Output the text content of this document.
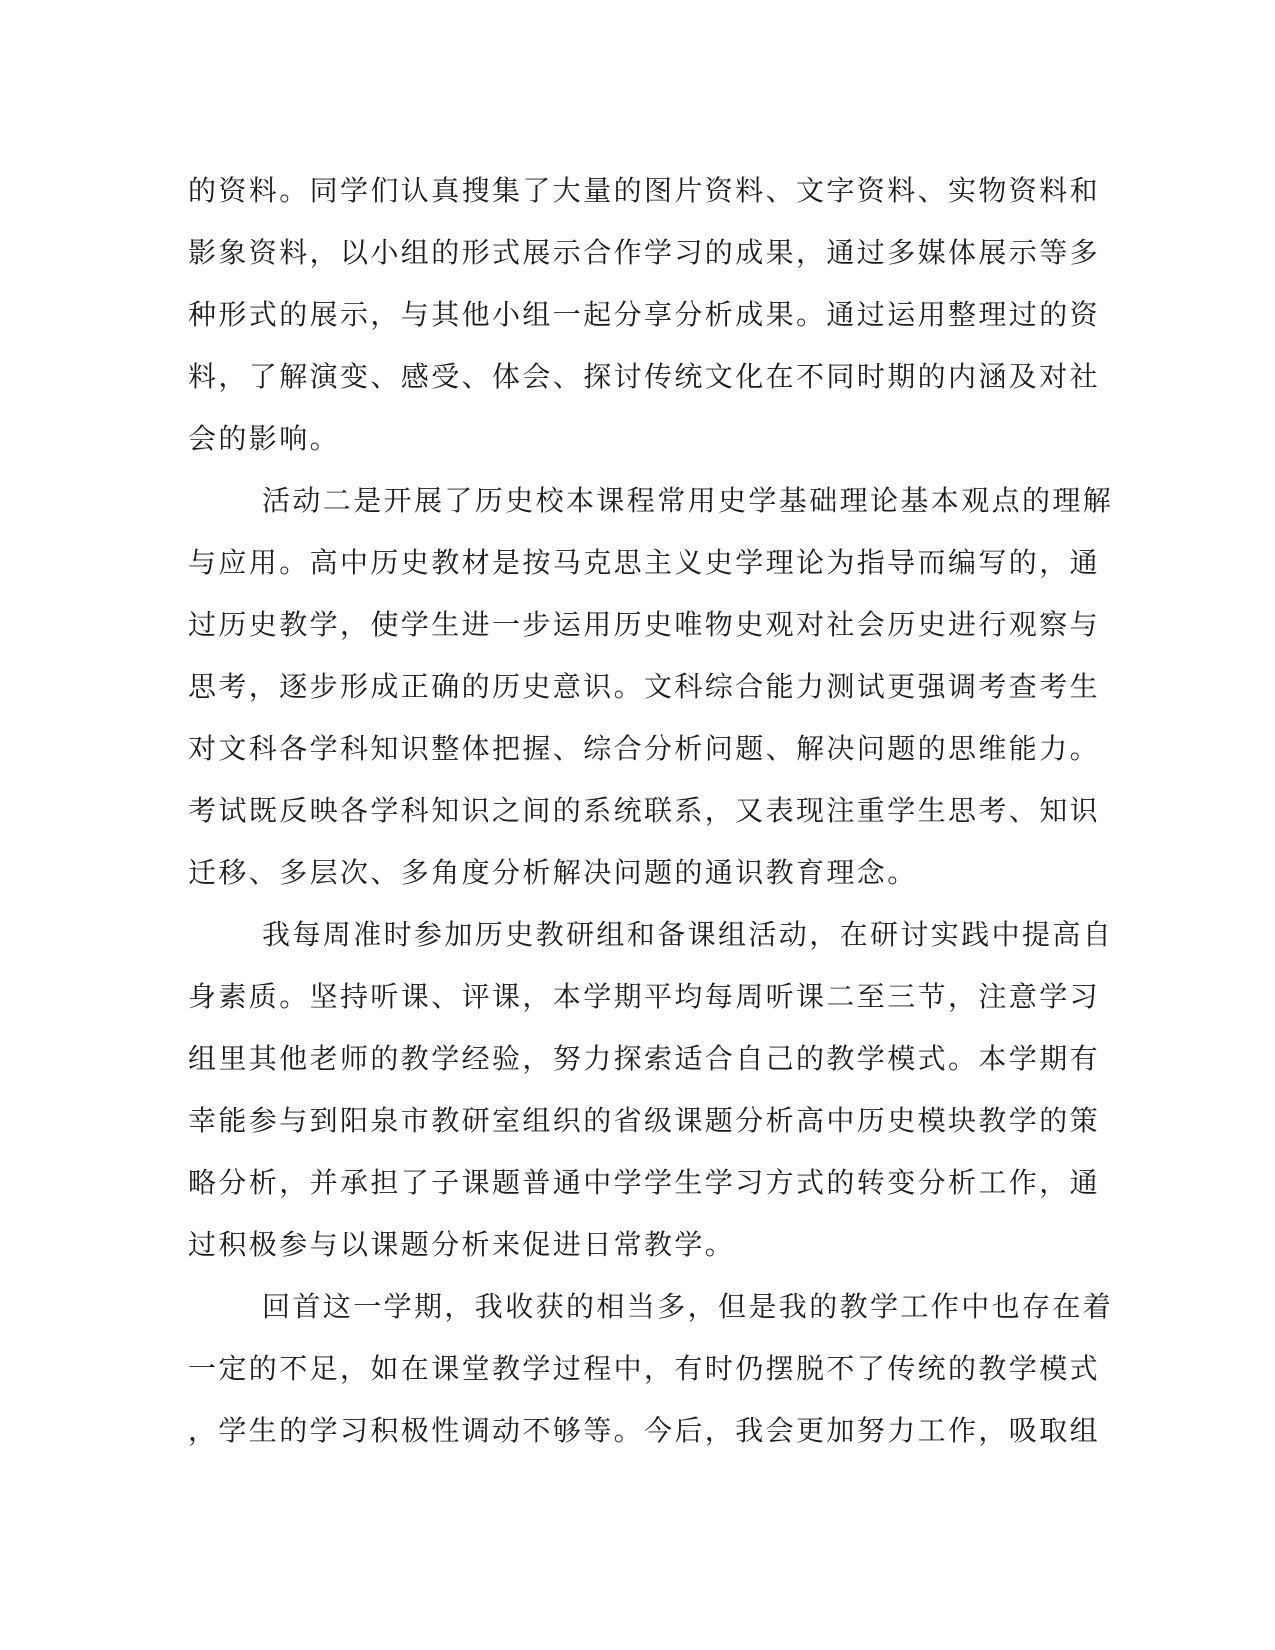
的资料。同学们认真搜集了大量的图片资料、文字资料、实物资料和
影象资料，以小组的形式展示合作学习的成果，通过多媒体展示等多
种形式的展示，与其他小组一起分享分析成果。通过运用整理过的资
料，了解演变、感受、体会、探讨传统文化在不同时期的内涵及对社
会的影响。
活动二是开展了历史校本课程常用史学基础理论基本观点的理解
与应用。高中历史教材是按马克思主义史学理论为指导而编写的，通
过历史教学，使学生进一步运用历史唯物史观对社会历史进行观察与
思考，逐步形成正确的历史意识。文科综合能力测试更强调考查考生
对文科各学科知识整体把握、综合分析问题、解决问题的思维能力。
考试既反映各学科知识之间的系统联系，又表现注重学生思考、知识
迁移、多层次、多角度分析解决问题的通识教育理念。
我每周准时参加历史教研组和备课组活动，在研讨实践中提高自
身素质。坚持听课、评课，本学期平均每周听课二至三节，注意学习
组里其他老师的教学经验，努力探索适合自己的教学模式。本学期有
幸能参与到阳泉市教研室组织的省级课题分析高中历史模块教学的策
略分析，并承担了子课题普通中学学生学习方式的转变分析工作，通
过积极参与以课题分析来促进日常教学。
回首这一学期，我收获的相当多，但是我的教学工作中也存在着
一定的不足，如在课堂教学过程中，有时仍摆脱不了传统的教学模式
，学生的学习积极性调动不够等。今后，我会更加努力工作，吸取组
